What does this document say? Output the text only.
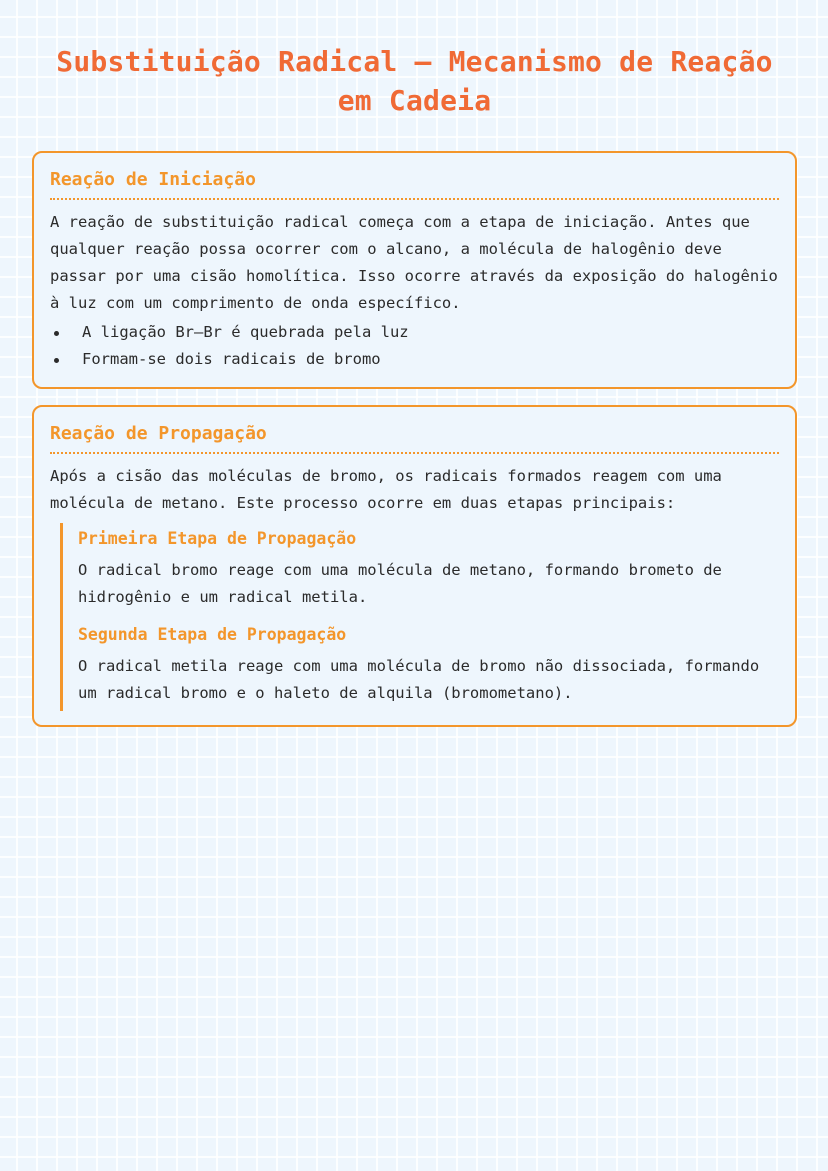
Substituição Radical – Mecanismo de Reação em Cadeia
Reação de Iniciação

A reação de substituição radical começa com a etapa de iniciação. Antes que qualquer reação possa ocorrer com o alcano, a molécula de halogênio deve passar por uma cisão homolítica. Isso ocorre através da exposição do halogênio à luz com um comprimento de onda específico.

A ligação Br–Br é quebrada pela luz
Formam-se dois radicais de bromo
Reação de Propagação

Após a cisão das moléculas de bromo, os radicais formados reagem com uma molécula de metano. Este processo ocorre em duas etapas principais:

Primeira Etapa de Propagação

O radical bromo reage com uma molécula de metano, formando brometo de hidrogênio e um radical metila.

Segunda Etapa de Propagação

O radical metila reage com uma molécula de bromo não dissociada, formando um radical bromo e o haleto de alquila (bromometano).
